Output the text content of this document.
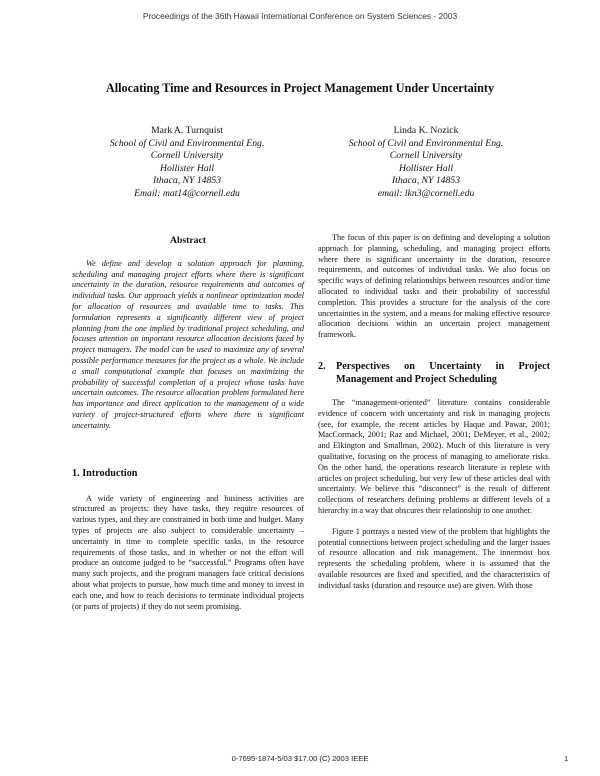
Proceedings of the 36th Hawaii International Conference on System Sciences - 2003
Allocating Time and Resources in Project Management Under Uncertainty
Mark A. Turnquist
School of Civil and Environmental Eng.
Cornell University
Hollister Hall
Ithaca, NY 14853
Email: mat14@cornell.edu
Linda K. Nozick
School of Civil and Environmental Eng.
Cornell University
Hollister Hall
Ithaca, NY 14853
email: lkn3@cornell.edu
Abstract

We define and develop a solution approach for planning, scheduling and managing project efforts where there is significant uncertainty in the duration, resource requirements and outcomes of individual tasks. Our approach yields a nonlinear optimization model for allocation of resources and available time to tasks. This formulation represents a significantly different view of project planning from the one implied by traditional project scheduling, and focuses attention on important resource allocation decisions faced by project managers. The model can be used to maximize any of several possible performance measures for the project as a whole. We include a small computational example that focuses on maximizing the probability of successful completion of a project whose tasks have uncertain outcomes. The resource allocation problem formulated here has importance and direct application to the management of a wide variety of project-structured efforts where there is significant uncertainty.

1. Introduction

A wide variety of engineering and business activities are structured as projects: they have tasks, they require resources of various types, and they are constrained in both time and budget. Many types of projects are also subject to considerable uncertainty – uncertainty in time to complete specific tasks, in the resource requirements of those tasks, and in whether or not the effort will produce an outcome judged to be “successful.” Programs often have many such projects, and the program managers face critical decisions about what projects to pursue, how much time and money to invest in each one, and how to reach decisions to terminate individual projects (or parts of projects) if they do not seem promising.

The focus of this paper is on defining and developing a solution approach for planning, scheduling, and managing project efforts where there is significant uncertainty in the duration, resource requirements, and outcomes of individual tasks. We also focus on specific ways of defining relationships between resources and/or time allocated to individual tasks and their probability of successful completion. This provides a structure for the analysis of the core uncertainties in the system, and a means for making effective resource allocation decisions within an uncertain project management framework.

2.	Perspectives on Uncertainty in Project Management and Project Scheduling

The “management-oriented” literature contains considerable evidence of concern with uncertainty and risk in managing projects (see, for example, the recent articles by Haque and Pawar, 2001; MacCormack, 2001; Raz and Michael, 2001; DeMeyer, et al., 2002; and Elkington and Smallman, 2002). Much of this literature is very qualitative, focusing on the process of managing to ameliorate risks. On the other hand, the operations research literature is replete with articles on project scheduling, but very few of these articles deal with uncertainty. We believe this “disconnect” is the result of different collections of researchers defining problems at different levels of a hierarchy in a way that obscures their relationship to one another.

Figure 1 portrays a nested view of the problem that highlights the potential connections between project scheduling and the larger issues of resource allocation and risk management. The innermost box represents the scheduling problem, where it is assumed that the available resources are fixed and specified, and the characteristics of individual tasks (duration and resource use) are given. With those

0-7695-1874-5/03 $17.00 (C) 2003 IEEE	1
